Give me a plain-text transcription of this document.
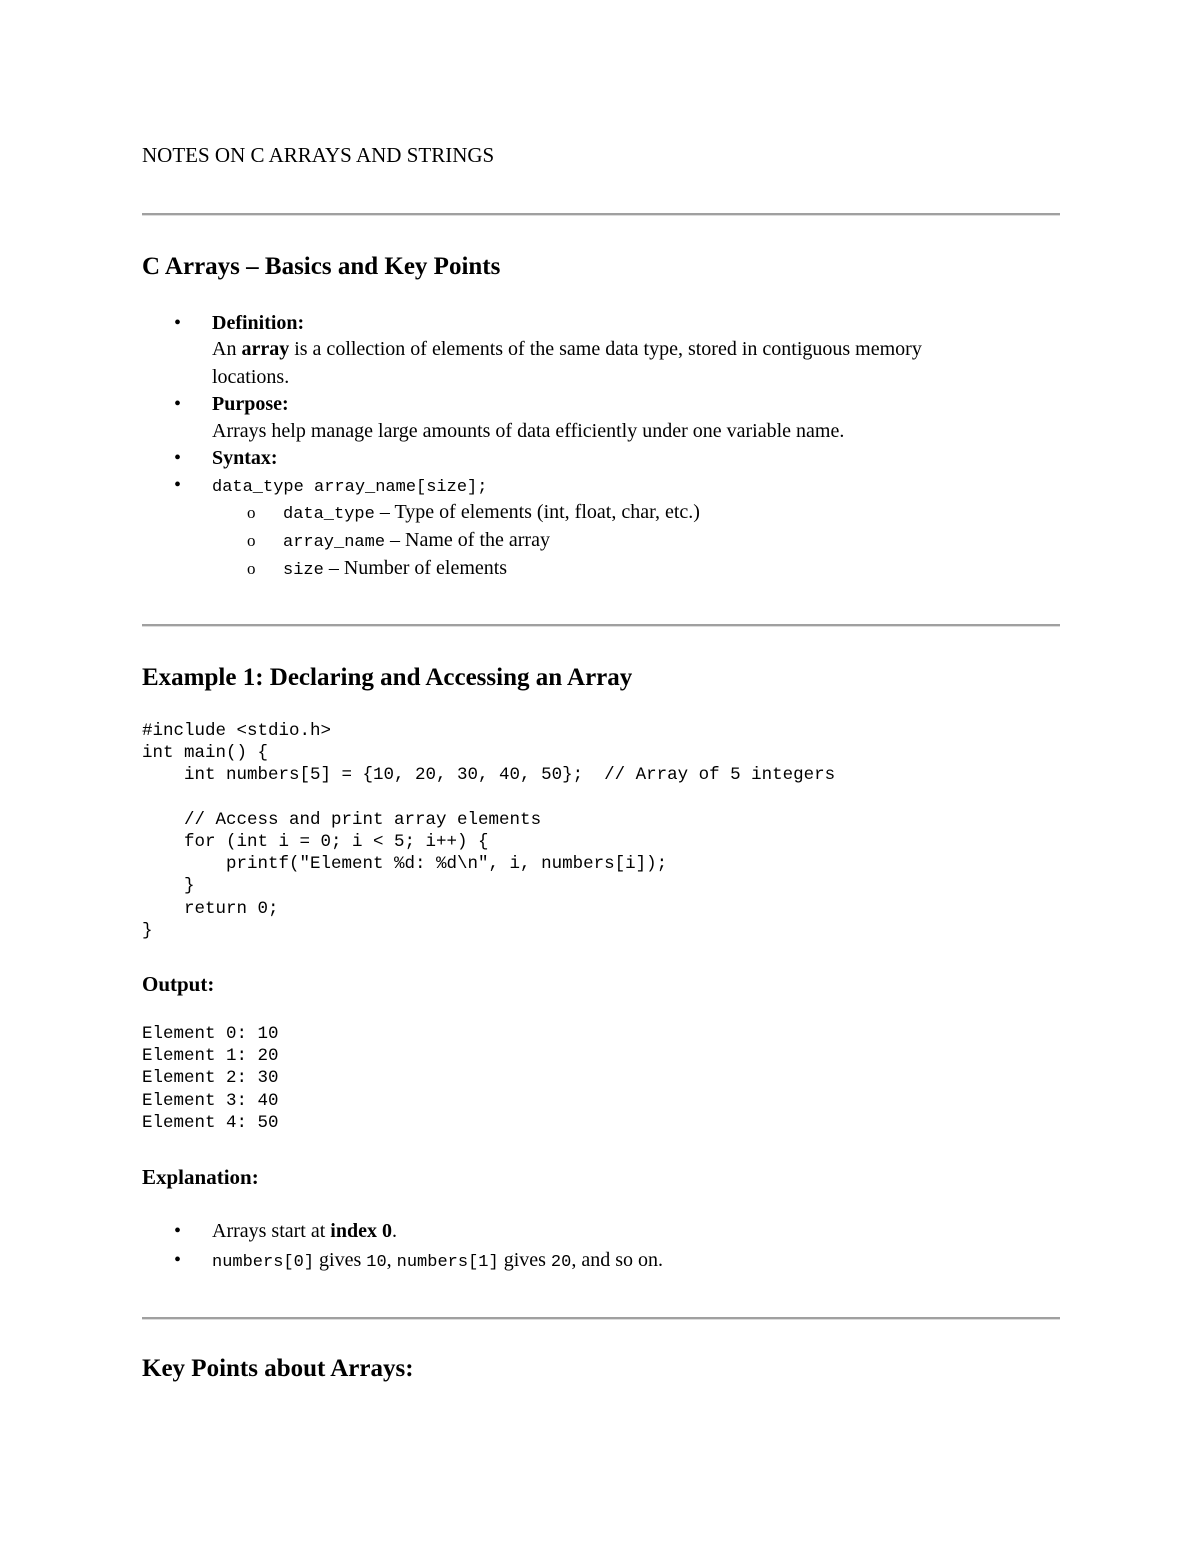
NOTES ON C ARRAYS AND STRINGS
C Arrays – Basics and Key Points
• Definition:
An array is a collection of elements of the same data type, stored in contiguous memory
locations.
• Purpose:
Arrays help manage large amounts of data efficiently under one variable name.
• Syntax:
• data_type array_name[size];
o data_type – Type of elements (int, float, char, etc.)
o array_name – Name of the array
o size – Number of elements
Example 1: Declaring and Accessing an Array
#include <stdio.h>
int main() {
int numbers[5] = {10, 20, 30, 40, 50};  // Array of 5 integers

// Access and print array elements
for (int i = 0; i < 5; i++) {
printf("Element %d: %d\n", i, numbers[i]);
}
return 0;
}
Output:
Element 0: 10
Element 1: 20
Element 2: 30
Element 3: 40
Element 4: 50
Explanation:
• Arrays start at index 0.
• numbers[0] gives 10, numbers[1] gives 20, and so on.
Key Points about Arrays:
